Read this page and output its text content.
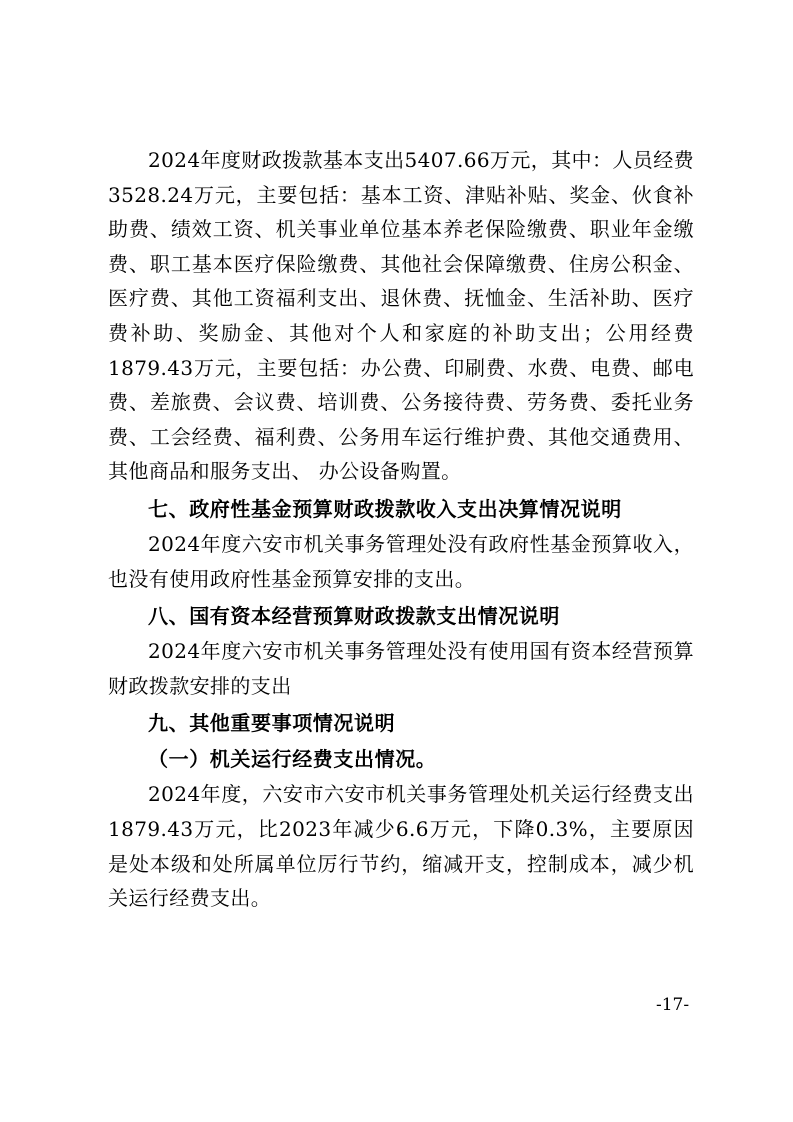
2024年度财政拨款基本支出5407.66万元，其中：人员经费3528.24万元，主要包括：基本工资、津贴补贴、奖金、伙食补助费、绩效工资、机关事业单位基本养老保险缴费、职业年金缴费、职工基本医疗保险缴费、其他社会保障缴费、住房公积金、医疗费、其他工资福利支出、退休费、抚恤金、生活补助、医疗费补助、奖励金、其他对个人和家庭的补助支出；公用经费1879.43万元，主要包括：办公费、印刷费、水费、电费、邮电费、差旅费、会议费、培训费、公务接待费、劳务费、委托业务费、工会经费、福利费、公务用车运行维护费、其他交通费用、其他商品和服务支出、 办公设备购置。

七、政府性基金预算财政拨款收入支出决算情况说明

2024年度六安市机关事务管理处没有政府性基金预算收入，也没有使用政府性基金预算安排的支出。

八、国有资本经营预算财政拨款支出情况说明

2024年度六安市机关事务管理处没有使用国有资本经营预算财政拨款安排的支出

九、其他重要事项情况说明

（一）机关运行经费支出情况。

2024年度，六安市六安市机关事务管理处机关运行经费支出1879.43万元，比2023年减少6.6万元，下降0.3%，主要原因是处本级和处所属单位厉行节约，缩减开支，控制成本，减少机关运行经费支出。

-17-
